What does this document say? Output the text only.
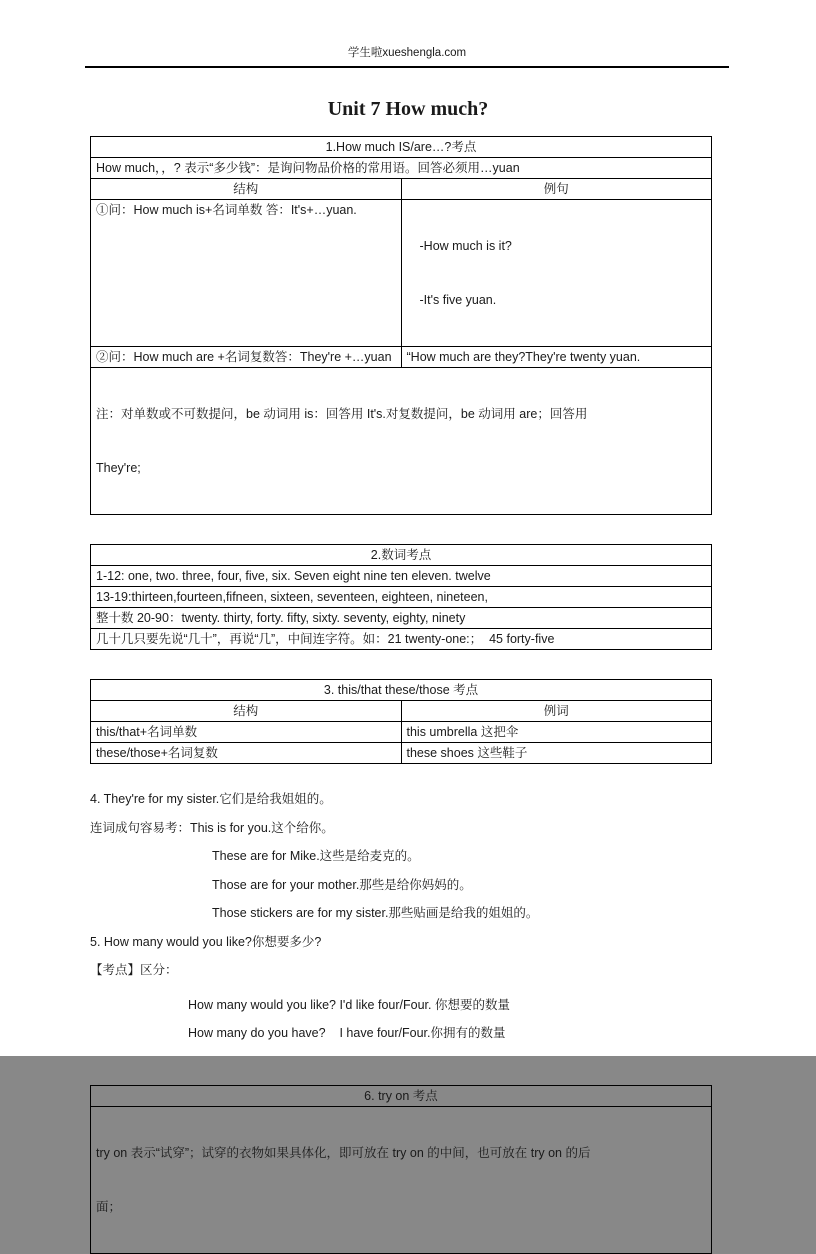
学生啦xueshengla.com
Unit 7 How much?
1.How much IS/are…?考点	
How much，，? 表示“多少钱”：是询问物品价格的常用语。回答必须用…yuan	
结构	例句
①问：How much is+名词单数 答：It's+…yuan.	-How much is it?

-It's five yuan.

②问：How much are +名词复数答：They're +…yuan	“How much are they?They're twenty yuan.

注：对单数或不可数提问，be 动词用 is：回答用 It's.对复数提问，be 动词用 are；回答用

They're;	

2.数词考点
1-12: one, two. three, four, five, six. Seven eight nine ten eleven. twelve
13-19:thirteen,fourteen,fifneen, sixteen, seventeen, eighteen, nineteen,
整十数 20-90：twenty. thirty, forty. fifty, sixty. seventy, eighty, ninety
几十几只要先说“几十”，再说“几”，中间连字符。如：21 twenty-one:；  45 forty-five
3. this/that these/those 考点	
结构	例词
this/that+名词单数	this umbrella 这把伞
these/those+名词复数	these shoes 这些鞋子

4. They're for my sister.它们是给我姐姐的。

连词成句容易考：This is for you.这个给你。

These are for Mike.这些是给麦克的。

Those are for your mother.那些是给你妈妈的。

Those stickers are for my sister.那些贴画是给我的姐姐的。

5. How many would you like?你想要多少?

【考点】区分：

How many would you like? I'd like four/Four. 你想要的数量

How many do you have?    I have four/Four.你拥有的数量

6. try on 考点

try on 表示“试穿”；试穿的衣物如果具体化，即可放在 try on 的中间，也可放在 try on 的后

面；
